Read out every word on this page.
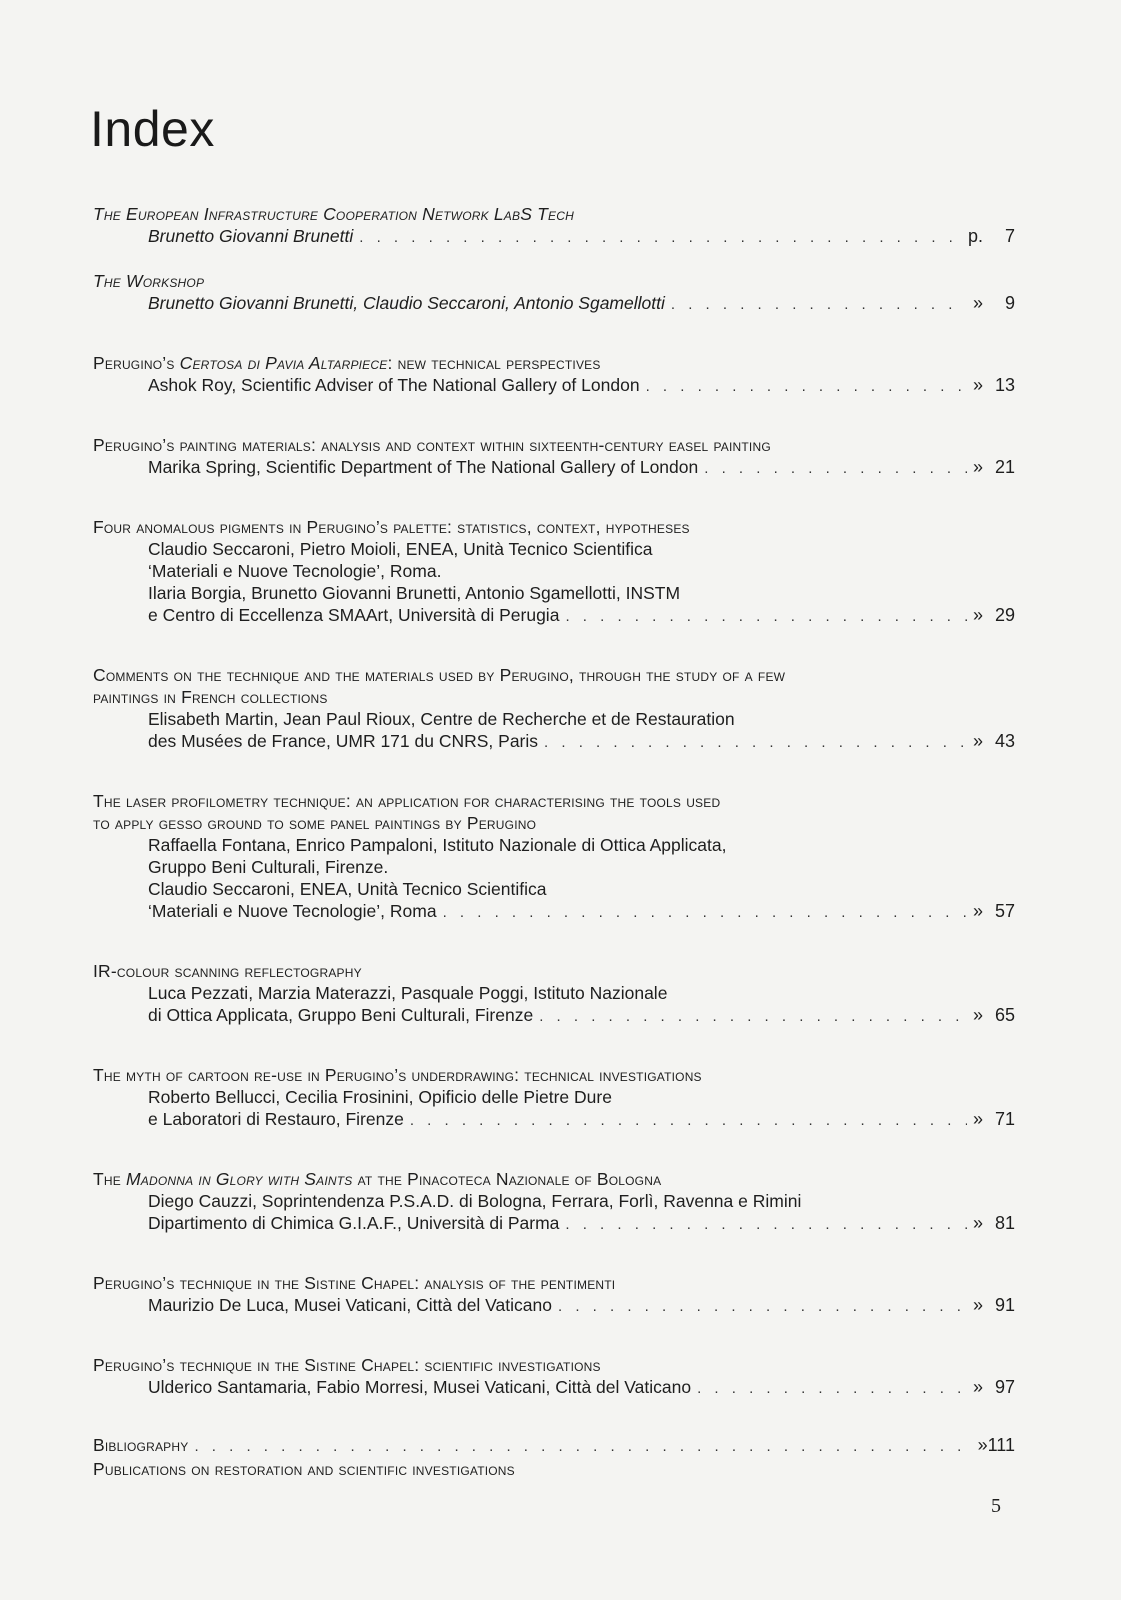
Index
The European Infrastructure Cooperation Network LabS Tech
Brunetto Giovanni Brunetti . . .	p. 7
The Workshop
Brunetto Giovanni Brunetti, Claudio Seccaroni, Antonio Sgamellotti . . .	» 9
Perugino’s Certosa di Pavia Altarpiece: new technical perspectives
Ashok Roy, Scientific Adviser of The National Gallery of London . . .	» 13
Perugino’s painting materials: analysis and context within sixteenth-century easel painting
Marika Spring, Scientific Department of The National Gallery of London . . .	» 21
Four anomalous pigments in Perugino’s palette: statistics, context, hypotheses
Claudio Seccaroni, Pietro Moioli, ENEA, Unità Tecnico Scientifica
‘Materiali e Nuove Tecnologie’, Roma.
Ilaria Borgia, Brunetto Giovanni Brunetti, Antonio Sgamellotti, INSTM
e Centro di Eccellenza SMAArt, Università di Perugia . . .	» 29
Comments on the technique and the materials used by Perugino, through the study of a few
paintings in French collections
Elisabeth Martin, Jean Paul Rioux, Centre de Recherche et de Restauration
des Musées de France, UMR 171 du CNRS, Paris . . .	» 43
The laser profilometry technique: an application for characterising the tools used
to apply gesso ground to some panel paintings by Perugino
Raffaella Fontana, Enrico Pampaloni, Istituto Nazionale di Ottica Applicata,
Gruppo Beni Culturali, Firenze.
Claudio Seccaroni, ENEA, Unità Tecnico Scientifica
‘Materiali e Nuove Tecnologie’, Roma . . .	» 57
IR-colour scanning reflectography
Luca Pezzati, Marzia Materazzi, Pasquale Poggi, Istituto Nazionale
di Ottica Applicata, Gruppo Beni Culturali, Firenze . . .	» 65
The myth of cartoon re-use in Perugino’s underdrawing: technical investigations
Roberto Bellucci, Cecilia Frosinini, Opificio delle Pietre Dure
e Laboratori di Restauro, Firenze . . .	» 71
The Madonna in Glory with Saints at the Pinacoteca Nazionale of Bologna
Diego Cauzzi, Soprintendenza P.S.A.D. di Bologna, Ferrara, Forlì, Ravenna e Rimini
Dipartimento di Chimica G.I.A.F., Università di Parma . . .	» 81
Perugino’s technique in the Sistine Chapel: analysis of the pentimenti
Maurizio De Luca, Musei Vaticani, Città del Vaticano . . .	» 91
Perugino’s technique in the Sistine Chapel: scientific investigations
Ulderico Santamaria, Fabio Morresi, Musei Vaticani, Città del Vaticano . . .	» 97
Bibliography . . .	»111
Publications on restoration and scientific investigations
5
